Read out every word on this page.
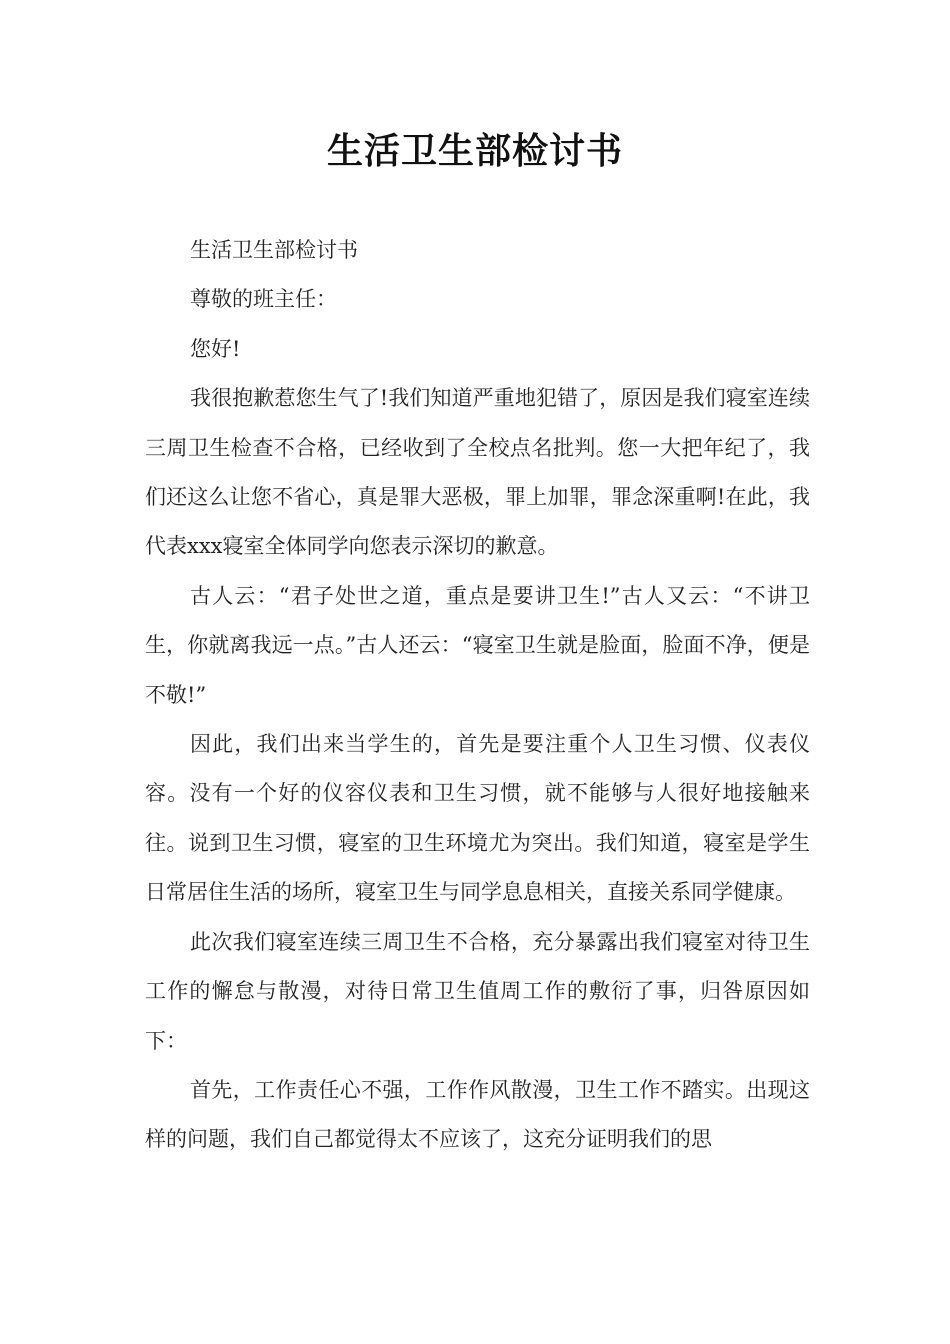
生活卫生部检讨书

生活卫生部检讨书

尊敬的班主任：

您好!

我很抱歉惹您生气了!我们知道严重地犯错了，原因是我们寝室连续三周卫生检查不合格，已经收到了全校点名批判。您一大把年纪了，我们还这么让您不省心，真是罪大恶极，罪上加罪，罪念深重啊!在此，我代表xxx寝室全体同学向您表示深切的歉意。

古人云：“君子处世之道，重点是要讲卫生!”古人又云：“不讲卫生，你就离我远一点。”古人还云：“寝室卫生就是脸面，脸面不净，便是不敬!”

因此，我们出来当学生的，首先是要注重个人卫生习惯、仪表仪容。没有一个好的仪容仪表和卫生习惯，就不能够与人很好地接触来往。说到卫生习惯，寝室的卫生环境尤为突出。我们知道，寝室是学生日常居住生活的场所，寝室卫生与同学息息相关，直接关系同学健康。

此次我们寝室连续三周卫生不合格，充分暴露出我们寝室对待卫生工作的懈怠与散漫，对待日常卫生值周工作的敷衍了事，归咎原因如下：

首先，工作责任心不强，工作作风散漫，卫生工作不踏实。出现这样的问题，我们自己都觉得太不应该了，这充分证明我们的思
